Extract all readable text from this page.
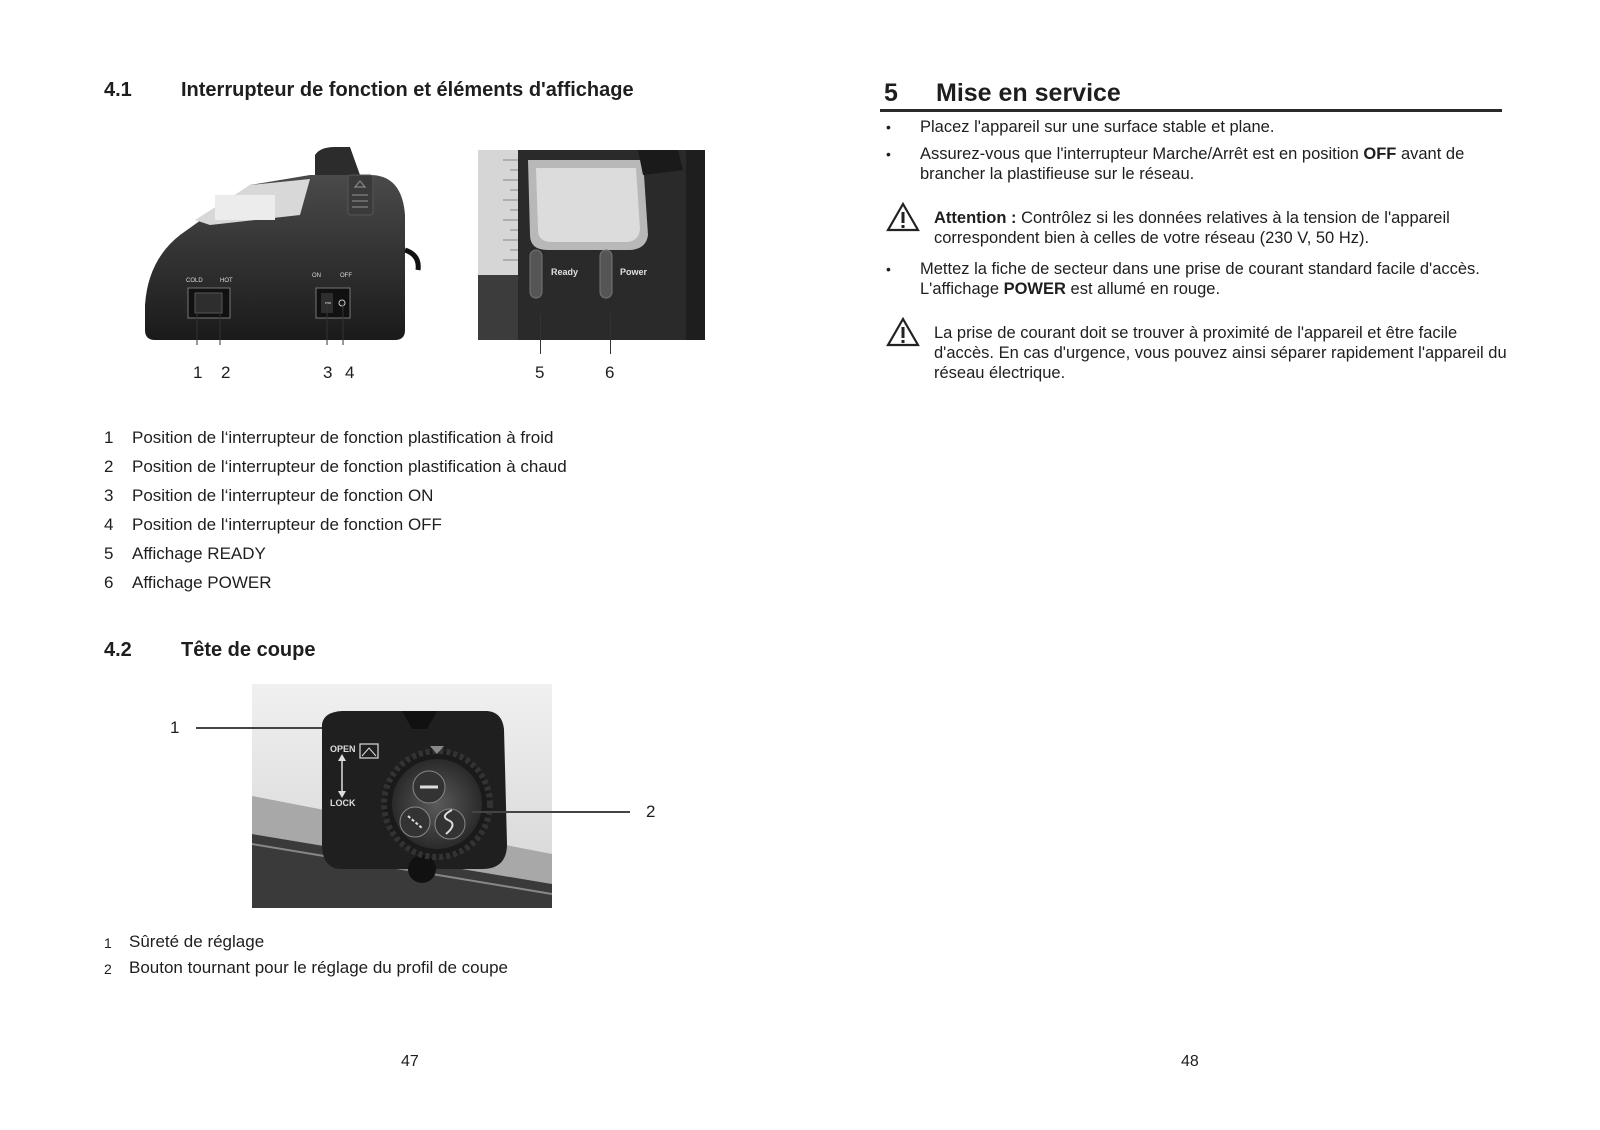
4.1 Interrupteur de fonction et éléments d'affichage
COLD	HOT
ON	OFF	Ready	Power
1 2	3 4	5	6
1 Position de l‘interrupteur de fonction plastification à froid
2 Position de l‘interrupteur de fonction plastification à chaud
3 Position de l‘interrupteur de fonction ON
4 Position de l‘interrupteur de fonction OFF
5 Affichage READY
6 Affichage POWER
4.2 Tête de coupe
OPEN
LOCK
1
2
1 Sûreté de réglage
2 Bouton tournant pour le réglage du profil de coupe
47
5 Mise en service
• Placez l'appareil sur une surface stable et plane.
• Assurez-vous que l'interrupteur Marche/Arrêt est en position OFF avant de brancher la plastifieuse sur le réseau.
Attention : Contrôlez si les données relatives à la tension de l'appareil correspondent bien à celles de votre réseau (230 V, 50 Hz).
• Mettez la fiche de secteur dans une prise de courant standard facile d'accès. L'affichage POWER est allumé en rouge.
La prise de courant doit se trouver à proximité de l'appareil et être facile d'accès. En cas d'urgence, vous pouvez ainsi séparer rapidement l'appareil du réseau électrique.
48
